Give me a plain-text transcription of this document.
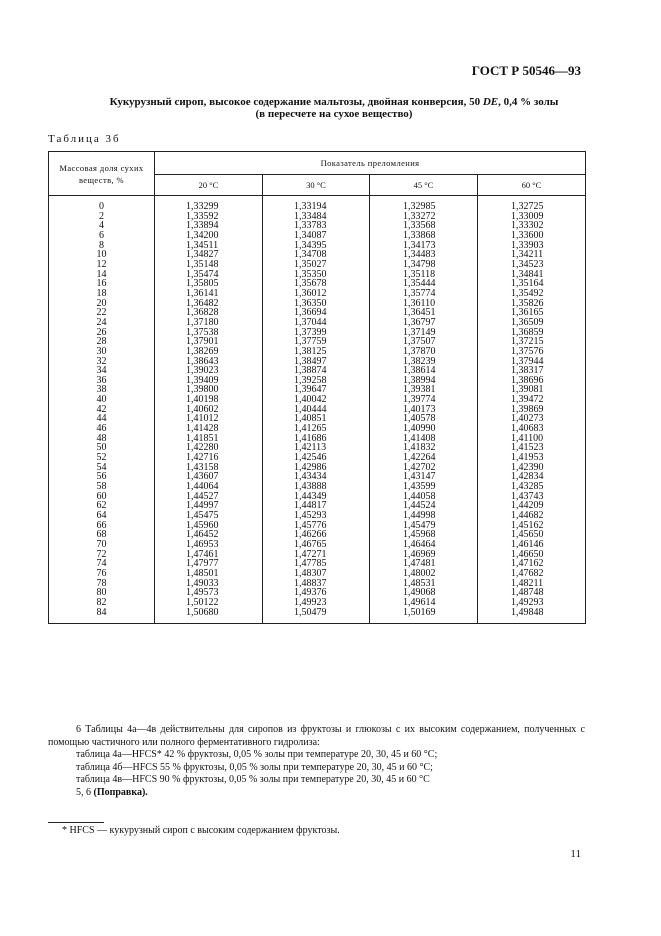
ГОСТ Р 50546—93
Кукурузный сироп, высокое содержание мальтозы, двойная конверсия, 50 DE, 0,4 % золы
(в пересчете на сухое вещество)
Таблица 3б
Массовая доля сухих веществ, %	Показатель преломления			
	20 °C	30 °C	45 °C	60 °C
0	1,33299	1,33194	1,32985	1,32725
2	1,33592	1,33484	1,33272	1,33009
4	1,33894	1,33783	1,33568	1,33302
6	1,34200	1,34087	1,33868	1,33600
8	1,34511	1,34395	1,34173	1,33903
10	1,34827	1,34708	1,34483	1,34211
12	1,35148	1,35027	1,34798	1,34523
14	1,35474	1,35350	1,35118	1,34841
16	1,35805	1,35678	1,35444	1,35164
18	1,36141	1,36012	1,35774	1,35492
20	1,36482	1,36350	1,36110	1,35826
22	1,36828	1,36694	1,36451	1,36165
24	1,37180	1,37044	1,36797	1,36509
26	1,37538	1,37399	1,37149	1,36859
28	1,37901	1,37759	1,37507	1,37215
30	1,38269	1,38125	1,37870	1,37576
32	1,38643	1,38497	1,38239	1,37944
34	1,39023	1,38874	1,38614	1,38317
36	1,39409	1,39258	1,38994	1,38696
38	1,39800	1,39647	1,39381	1,39081
40	1,40198	1,40042	1,39774	1,39472
42	1,40602	1,40444	1,40173	1,39869
44	1,41012	1,40851	1,40578	1,40273
46	1,41428	1,41265	1,40990	1,40683
48	1,41851	1,41686	1,41408	1,41100
50	1,42280	1,42113	1,41832	1,41523
52	1,42716	1,42546	1,42264	1,41953
54	1,43158	1,42986	1,42702	1,42390
56	1,43607	1,43434	1,43147	1,42834
58	1,44064	1,43888	1,43599	1,43285
60	1,44527	1,44349	1,44058	1,43743
62	1,44997	1,44817	1,44524	1,44209
64	1,45475	1,45293	1,44998	1,44682
66	1,45960	1,45776	1,45479	1,45162
68	1,46452	1,46266	1,45968	1,45650
70	1,46953	1,46765	1,46464	1,46146
72	1,47461	1,47271	1,46969	1,46650
74	1,47977	1,47785	1,47481	1,47162
76	1,48501	1,48307	1,48002	1,47682
78	1,49033	1,48837	1,48531	1,48211
80	1,49573	1,49376	1,49068	1,48748
82	1,50122	1,49923	1,49614	1,49293
84	1,50680	1,50479	1,50169	1,49848

6 Таблицы 4а—4в действительны для сиропов из фруктозы и глюкозы с их высоким содержанием, полученных с помощью частичного или полного ферментативного гидролиза:

таблица 4а—HFCS* 42 % фруктозы, 0,05 % золы при температуре 20, 30, 45 и 60 °С;

таблица 4б—HFCS 55 % фруктозы, 0,05 % золы при температуре 20, 30, 45 и 60 °С;

таблица 4в—HFCS 90 % фруктозы, 0,05 % золы при температуре 20, 30, 45 и 60 °С

5, 6 (Поправка).

* HFCS — кукурузный сироп с высоким содержанием фруктозы.
11
